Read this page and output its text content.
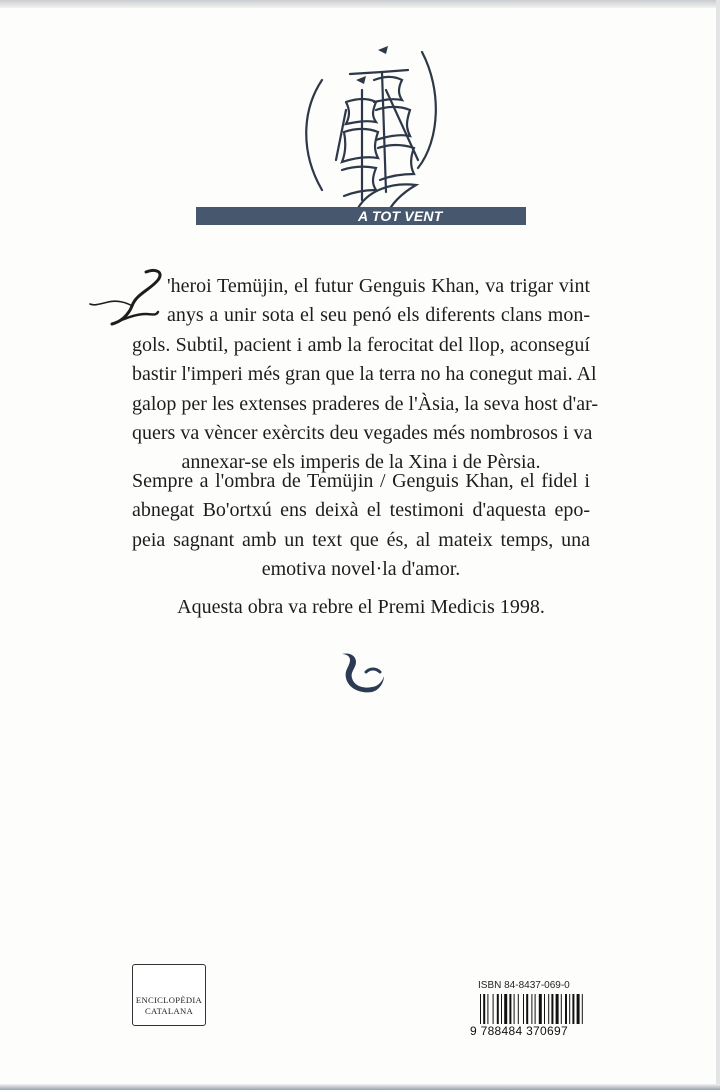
A TOT VENT
'heroi Temüjin, el futur Genguis Khan, va trigar vint
anys a unir sota el seu penó els diferents clans mon-
gols. Subtil, pacient i amb la ferocitat del llop, aconseguí
bastir l'imperi més gran que la terra no ha conegut mai. Al
galop per les extenses praderes de l'Àsia, la seva host d'ar-
quers va vèncer exèrcits deu vegades més nombrosos i va
annexar-se els imperis de la Xina i de Pèrsia.
Sempre a l'ombra de Temüjin / Genguis Khan, el fidel i
abnegat Bo'ortxú ens deixà el testimoni d'aquesta epo-
peia sagnant amb un text que és, al mateix temps, una
emotiva novel·la d'amor.
Aquesta obra va rebre el Premi Medicis 1998.
ENCICLOPÈDIA
CATALANA
ISBN 84-8437-069-0
9 788484 370697
